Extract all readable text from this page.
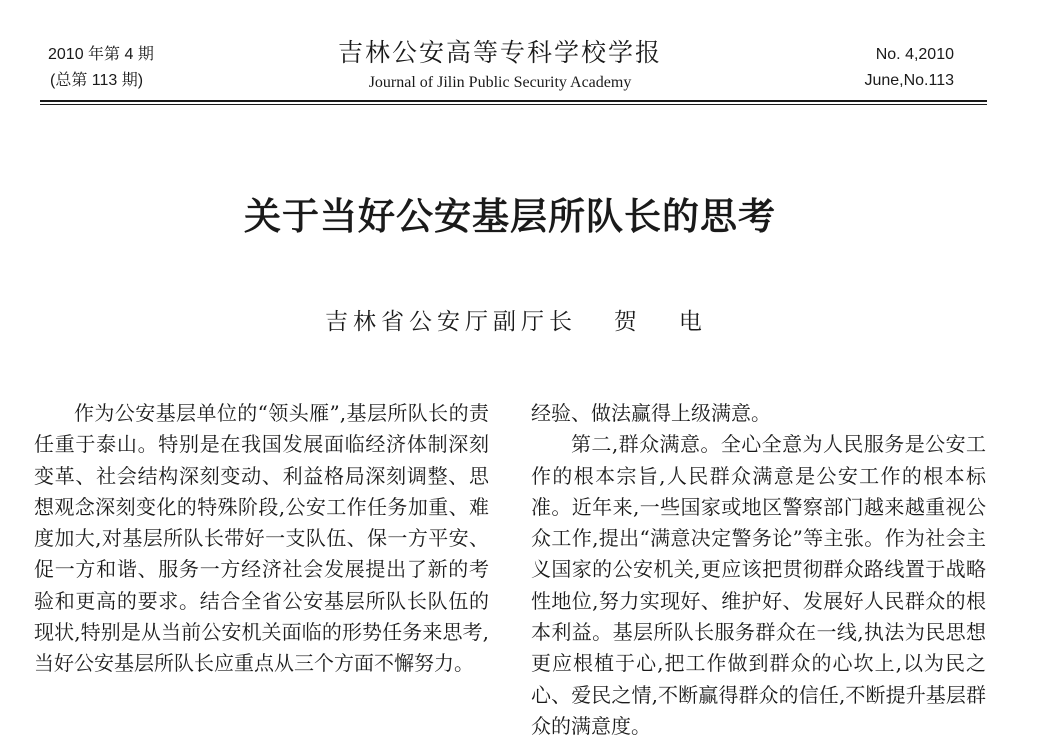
2010 年第 4 期
(总第 113 期)
吉林公安高等专科学校学报
Journal of Jilin Public Security Academy
No. 4,2010
June,No.113
关于当好公安基层所队长的思考
吉林省公安厅副厅长   贺   电

作为公安基层单位的“领头雁”,基层所队长的责任重于泰山。特别是在我国发展面临经济体制深刻变革、社会结构深刻变动、利益格局深刻调整、思想观念深刻变化的特殊阶段,公安工作任务加重、难度加大,对基层所队长带好一支队伍、保一方平安、促一方和谐、服务一方经济社会发展提出了新的考验和更高的要求。结合全省公安基层所队长队伍的现状,特别是从当前公安机关面临的形势任务来思考,当好公安基层所队长应重点从三个方面不懈努力。

经验、做法赢得上级满意。

第二,群众满意。全心全意为人民服务是公安工作的根本宗旨,人民群众满意是公安工作的根本标准。近年来,一些国家或地区警察部门越来越重视公众工作,提出“满意决定警务论”等主张。作为社会主义国家的公安机关,更应该把贯彻群众路线置于战略性地位,努力实现好、维护好、发展好人民群众的根本利益。基层所队长服务群众在一线,执法为民思想更应根植于心,把工作做到群众的心坎上,以为民之心、爱民之情,不断赢得群众的信任,不断提升基层群众的满意度。
